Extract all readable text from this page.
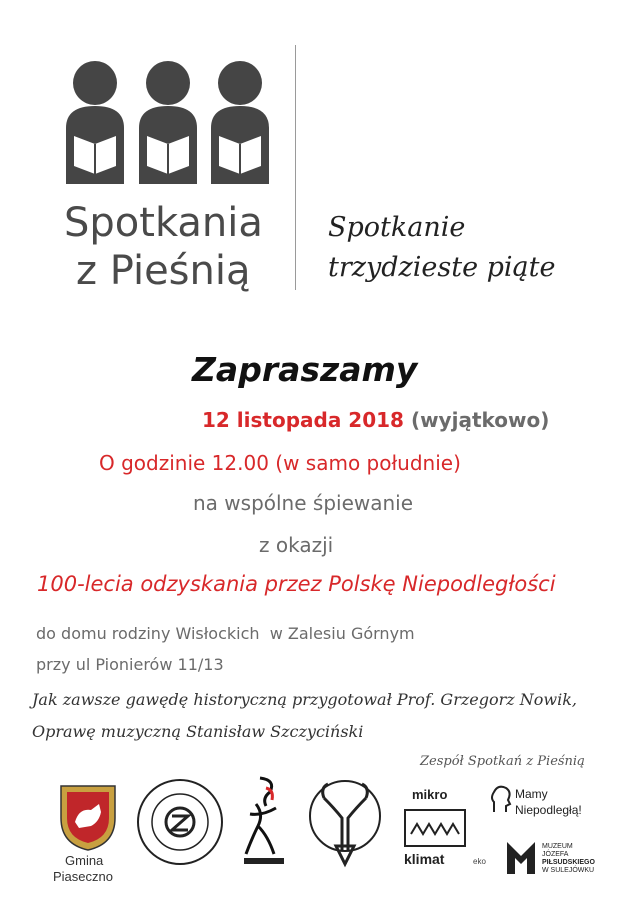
Spotkania
z Pieśnią
Spotkanie
trzydzieste piąte
Zapraszamy
12 listopada 2018 (wyjątkowo)
O godzinie 12.00 (w samo południe)
na wspólne śpiewanie
z okazji
100-lecia odzyskania przez Polskę Niepodległości
do domu rodziny Wisłockich  w Zalesiu Górnym
przy ul Pionierów 11/13
Jak zawsze gawędę historyczną przygotował Prof. Grzegorz Nowik,
Oprawę muzyczną Stanisław Szczyciński
Zespół Spotkań z Pieśnią
Gmina
Piaseczno
mikro
klimat	eko
Mamy Niepodległą!
MUZEUM
JÓZEFA
PIŁSUDSKIEGO
W SULEJÓWKU
